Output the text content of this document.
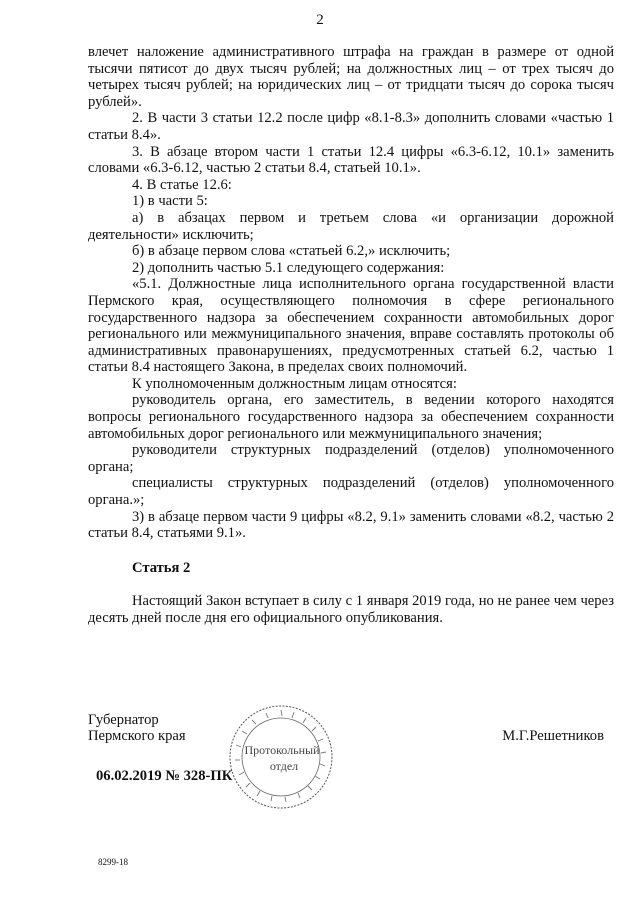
2

влечет наложение административного штрафа на граждан в размере от одной тысячи пятисот до двух тысяч рублей; на должностных лиц – от трех тысяч до четырех тысяч рублей; на юридических лиц – от тридцати тысяч до сорока тысяч рублей».

2. В части 3 статьи 12.2 после цифр «8.1-8.3» дополнить словами «частью 1 статьи 8.4».

3. В абзаце втором части 1 статьи 12.4 цифры «6.3-6.12, 10.1» заменить словами «6.3-6.12, частью 2 статьи 8.4, статьей 10.1».

4. В статье 12.6:

1) в части 5:

а) в абзацах первом и третьем слова «и организации дорожной деятельности» исключить;

б) в абзаце первом слова «статьей 6.2,» исключить;

2) дополнить частью 5.1 следующего содержания:

«5.1. Должностные лица исполнительного органа государственной власти Пермского края, осуществляющего полномочия в сфере регионального государственного надзора за обеспечением сохранности автомобильных дорог регионального или межмуниципального значения, вправе составлять протоколы об административных правонарушениях, предусмотренных статьей 6.2, частью 1 статьи 8.4 настоящего Закона, в пределах своих полномочий.

К уполномоченным должностным лицам относятся:

руководитель органа, его заместитель, в ведении которого находятся вопросы регионального государственного надзора за обеспечением сохранности автомобильных дорог регионального или межмуниципального значения;

руководители структурных подразделений (отделов) уполномоченного органа;

специалисты структурных подразделений (отделов) уполномоченного органа.»;

3) в абзаце первом части 9 цифры «8.2, 9.1» заменить словами «8.2, частью 2 статьи 8.4, статьями 9.1».

Статья 2

Настоящий Закон вступает в силу с 1 января 2019 года, но не ранее чем через десять дней после дня его официального опубликования.

Губернатор
Пермского края	М.Г.Решетников
06.02.2019 № 328-ПК
Протокольный
отдел
8299-18
